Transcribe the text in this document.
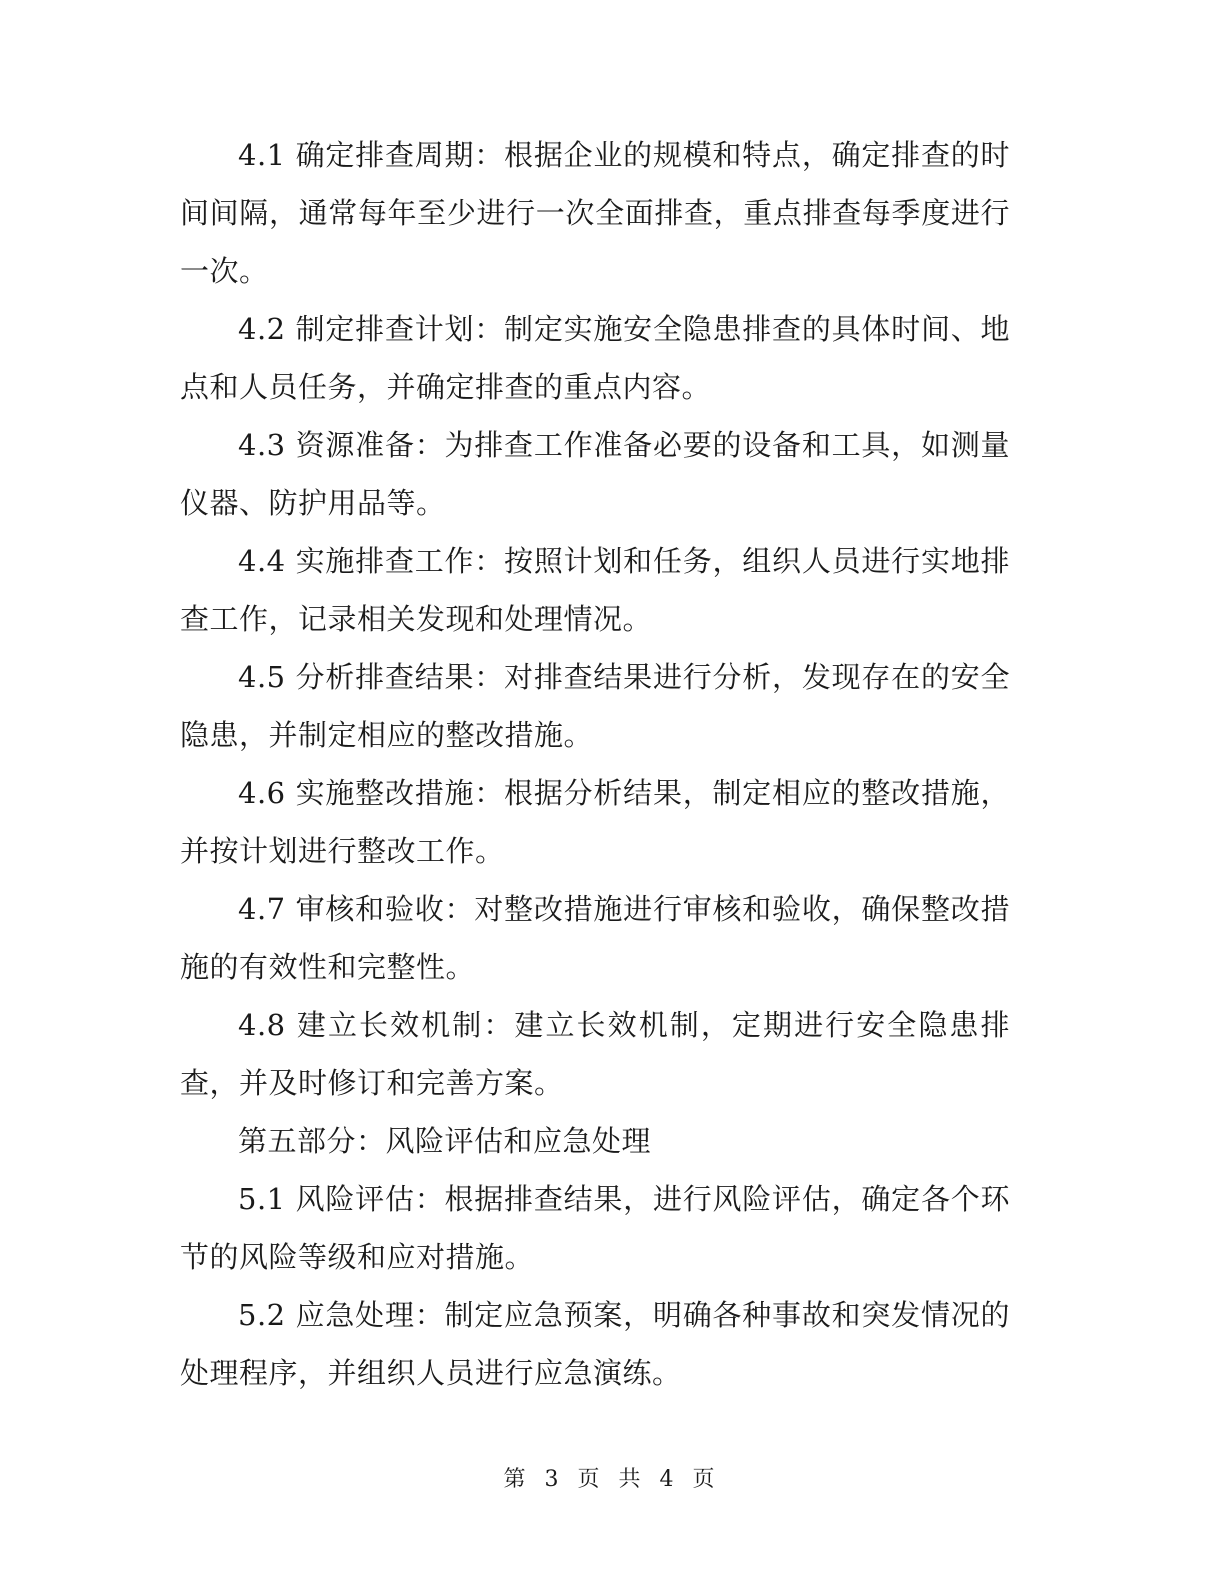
4.1 确定排查周期：根据企业的规模和特点，确定排查的时间间隔，通常每年至少进行一次全面排查，重点排查每季度进行一次。

4.2 制定排查计划：制定实施安全隐患排查的具体时间、地点和人员任务，并确定排查的重点内容。

4.3 资源准备：为排查工作准备必要的设备和工具，如测量仪器、防护用品等。

4.4 实施排查工作：按照计划和任务，组织人员进行实地排查工作，记录相关发现和处理情况。

4.5 分析排查结果：对排查结果进行分析，发现存在的安全隐患，并制定相应的整改措施。

4.6 实施整改措施：根据分析结果，制定相应的整改措施，并按计划进行整改工作。

4.7 审核和验收：对整改措施进行审核和验收，确保整改措施的有效性和完整性。

4.8 建立长效机制：建立长效机制，定期进行安全隐患排查，并及时修订和完善方案。

第五部分：风险评估和应急处理

5.1 风险评估：根据排查结果，进行风险评估，确定各个环节的风险等级和应对措施。

5.2 应急处理：制定应急预案，明确各种事故和突发情况的处理程序，并组织人员进行应急演练。

第 3 页 共 4 页
